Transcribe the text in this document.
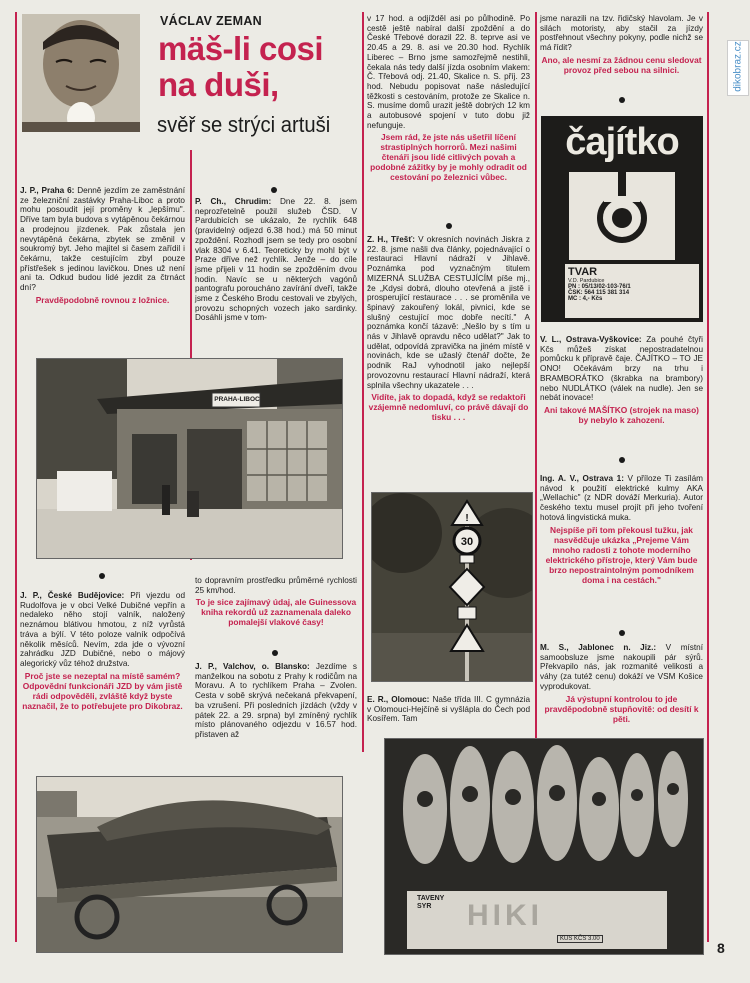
dikobraz.cz
VÁCLAV ZEMAN
mäš-li cosi
na duši,
svěř se strýci artuši

J. P., Praha 6: Denně jezdím ze zaměstnání ze železniční zastávky Praha-Liboc a proto mohu posoudit její proměny k „lepšímu". Dříve tam byla budova s vytápěnou čekárnou a prodejnou jízdenek. Pak zůstala jen nevytápěná čekárna, zbytek se změnil v soukromý byt. Jeho majitel si časem zařídil i čekárnu, takže cestujícím zbyl pouze přístřešek s jedinou lavičkou. Dnes už není ani ta. Odkud budou lidé jezdit za čtrnáct dní?

Pravděpodobně rovnou z ložnice.

P. Ch., Chrudim: Dne 22. 8. jsem neprozřetelně použil služeb ČSD. V Pardubicích se ukázalo, že rychlík 648 (pravidelný odjezd 6.38 hod.) má 50 minut zpoždění. Rozhodl jsem se tedy pro osobní vlak 8304 v 6.41. Teoreticky by mohl být v Praze dříve než rychlík. Jenže – do cíle jsme přijeli v 11 hodin se zpožděním dvou hodin. Navíc se u některých vagónů pantografu poroucháno zavírání dveří, takže jsme z Českého Brodu cestovali ve zbylých, provozu schopných vozech jako sardinky. Dosáhli jsme v tom-

PRAHA-LIBOC

J. P., České Budějovice: Při vjezdu od Rudolfova je v obci Velké Dubičné vepřín a nedaleko něho stojí valník, naložený neznámou blátivou hmotou, z níž vyrůstá tráva a býlí. V této poloze valník odpočívá několik měsíců. Nevím, zda jde o vývozní zahrádku JZD Dubičné, nebo o májový alegorický vůz téhož družstva.

Proč jste se nezeptal na místě samém? Odpovědní funkcionáři JZD by vám jistě rádi odpověděli, zvláště když byste naznačil, že to potřebujete pro Dikobraz.

to dopravním prostředku průměrné rychlosti 25 km/hod.

To je sice zajímavý údaj, ale Guinessova kniha rekordů už zaznamenala daleko pomalejší vlakové časy!

J. P., Valchov, o. Blansko: Jezdíme s manželkou na sobotu z Prahy k rodičům na Moravu. A to rychlíkem Praha – Zvolen. Cesta v sobě skrývá nečekaná překvapení, ba vzrušení. Při posledních jízdách (vždy v pátek 22. a 29. srpna) byl zmíněný rychlík místo plánovaného odjezdu v 16.57 hod. přistaven až

v 17 hod. a odjížděl asi po půlhodině. Po cestě ještě nabíral další zpoždění a do České Třebové dorazil 22. 8. teprve asi ve 20.45 a 29. 8. asi ve 20.30 hod. Rychlík Liberec – Brno jsme samozřejmě nestihli, čekala nás tedy další jízda osobním vlakem: Č. Třebová odj. 21.40, Skalice n. S. příj. 23 hod. Nebudu popisovat naše následující těžkosti s cestováním, protože ze Skalice n. S. musíme domů urazit ještě dobrých 12 km a autobusové spojení v tuto dobu již nefunguje.

Jsem rád, že jste nás ušetřil líčení strastiplných horrorů. Mezi našimi čtenáři jsou lidé citlivých povah a podobné zážitky by je mohly odradit od cestování po železnici vůbec.

Z. H., Třešť: V okresních novinách Jiskra z 22. 8. jsme našli dva články, pojednávající o restauraci Hlavní nádraží v Jihlavě. Poznámka pod vyznačným titulem MIZERNÁ SLUŽBA CESTUJÍCÍM píše mj., že „Kdysi dobrá, dlouho otevřená a jistě i prosperující restaurace . . . se proměnila ve špinavý zakouřený lokál, pivnici, kde se slušný cestující moc dobře necítí." A poznámka končí tázavě: „Nešlo by s tím u nás v Jihlavě opravdu něco udělat?" Jak to udělat, odpovídá zpravička na jiném místě v novinách, kde se užaslý čtenář dočte, že podnik RaJ vyhodnotil jako nejlepší provozovnu restaurací Hlavní nádraží, která splnila všechny ukazatele . . .

Vidíte, jak to dopadá, když se redaktoři vzájemně nedomluví, co právě dávají do tisku . . .

!
30

E. R., Olomouc: Naše třída III. C gymnázia v Olomouci-Hejčíně si vyšlápla do Čech pod Kosířem. Tam

jsme narazili na tzv. řidičský hlavolam. Je v silách motoristy, aby stačil za jízdy postřehnout všechny pokyny, podle nichž se má řídit?

Ano, ale nesmí za žádnou cenu sledovat provoz před sebou na silnici.

čajítko
TVAR
V.D. Pardubice
PN : 05/13/02-103-76/1
ČSK: 564 115 381 314
MC : 4,- Kčs

V. L., Ostrava-Vyškovice: Za pouhé čtyři Kčs můžeš získat nepostradatelnou pomůcku k přípravě čaje. ČAJÍTKO – TO JE ONO! Očekávám brzy na trhu i BRAMBORÁTKO (škrabka na brambory) nebo NUDLÁTKO (válek na nudle). Jen se nebát inovace!

Ani takové MAŠÍTKO (strojek na maso) by nebylo k zahození.

Ing. A. V., Ostrava 1: V příloze Ti zasílám návod k použití elektrické kulmy AKA „Wellachic" (z NDR dováží Merkuria). Autor českého textu musel projít při jeho tvoření hotová lingvistická muka.

Nejspíše při tom překousl tužku, jak nasvědčuje ukázka „Prejeme Vám mnoho radosti z tohote moderního elektrického přístroje, který Vám bude brzo nepostraintolným pomodníkem doma i na cestách."

M. S., Jablonec n. Jiz.: V místní samoobsluze jsme nakoupili pár sýrů. Překvapilo nás, jak rozmanité velikosti a váhy (za tutéž cenu) dokáží ve VSM Košice vyprodukovat.

Já výstupní kontrolou to jde pravděpodobně stupňovitě: od desítí k pěti.

TAVENY SYR	HIKI
KUS KČS 3.00
8
